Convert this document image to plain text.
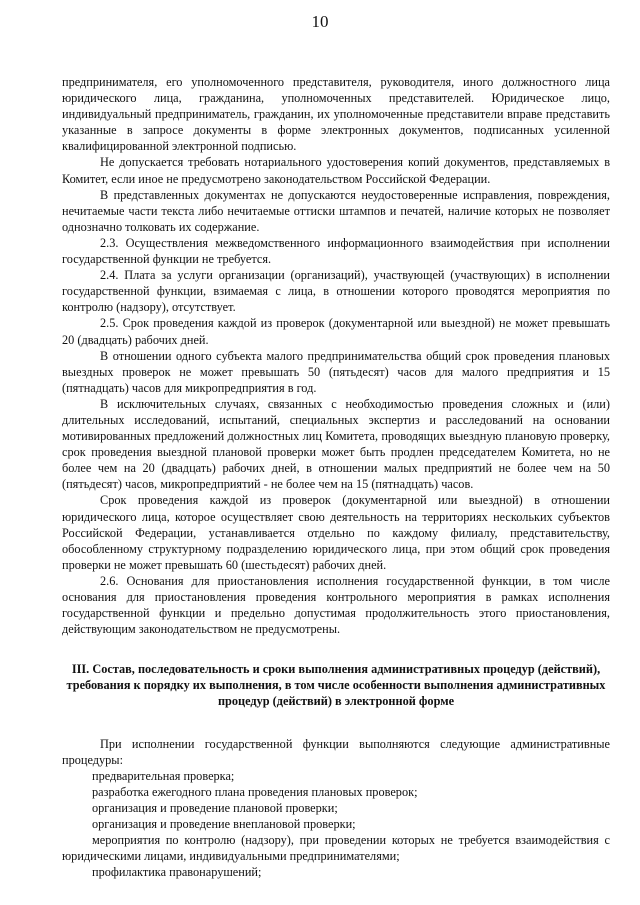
10

предпринимателя, его уполномоченного представителя, руководителя, иного должностного лица юридического лица, гражданина, уполномоченных представителей. Юридическое лицо, индивидуальный предприниматель, гражданин, их уполномоченные представители вправе представить указанные в запросе документы в форме электронных документов, подписанных усиленной квалифицированной электронной подписью.

Не допускается требовать нотариального удостоверения копий документов, представляемых в Комитет, если иное не предусмотрено законодательством Российской Федерации.

В представленных документах не допускаются неудостоверенные исправления, повреждения, нечитаемые части текста либо нечитаемые оттиски штампов и печатей, наличие которых не позволяет однозначно толковать их содержание.

2.3. Осуществления межведомственного информационного взаимодействия при исполнении государственной функции не требуется.

2.4. Плата за услуги организации (организаций), участвующей (участвующих) в исполнении государственной функции, взимаемая с лица, в отношении которого проводятся мероприятия по контролю (надзору), отсутствует.

2.5. Срок проведения каждой из проверок (документарной или выездной) не может превышать 20 (двадцать) рабочих дней.

В отношении одного субъекта малого предпринимательства общий срок проведения плановых выездных проверок не может превышать 50 (пятьдесят) часов для малого предприятия и 15 (пятнадцать) часов для микропредприятия в год.

В исключительных случаях, связанных с необходимостью проведения сложных и (или) длительных исследований, испытаний, специальных экспертиз и расследований на основании мотивированных предложений должностных лиц Комитета, проводящих выездную плановую проверку, срок проведения выездной плановой проверки может быть продлен председателем Комитета, но не более чем на 20 (двадцать) рабочих дней, в отношении малых предприятий не более чем на 50 (пятьдесят) часов, микропредприятий - не более чем на 15 (пятнадцать) часов.

Срок проведения каждой из проверок (документарной или выездной) в отношении юридического лица, которое осуществляет свою деятельность на территориях нескольких субъектов Российской Федерации, устанавливается отдельно по каждому филиалу, представительству, обособленному структурному подразделению юридического лица, при этом общий срок проведения проверки не может превышать 60 (шестьдесят) рабочих дней.

2.6. Основания для приостановления исполнения государственной функции, в том числе основания для приостановления проведения контрольного мероприятия в рамках исполнения государственной функции и предельно допустимая продолжительность этого приостановления, действующим законодательством не предусмотрены.

III. Состав, последовательность и сроки выполнения административных процедур (действий), требования к порядку их выполнения, в том числе особенности выполнения административных процедур (действий) в электронной форме

При исполнении государственной функции выполняются следующие административные процедуры:

предварительная проверка;

разработка ежегодного плана проведения плановых проверок;

организация и проведение плановой проверки;

организация и проведение внеплановой проверки;

мероприятия по контролю (надзору), при проведении которых не требуется взаимодействия с юридическими лицами, индивидуальными предпринимателями;

профилактика правонарушений;
